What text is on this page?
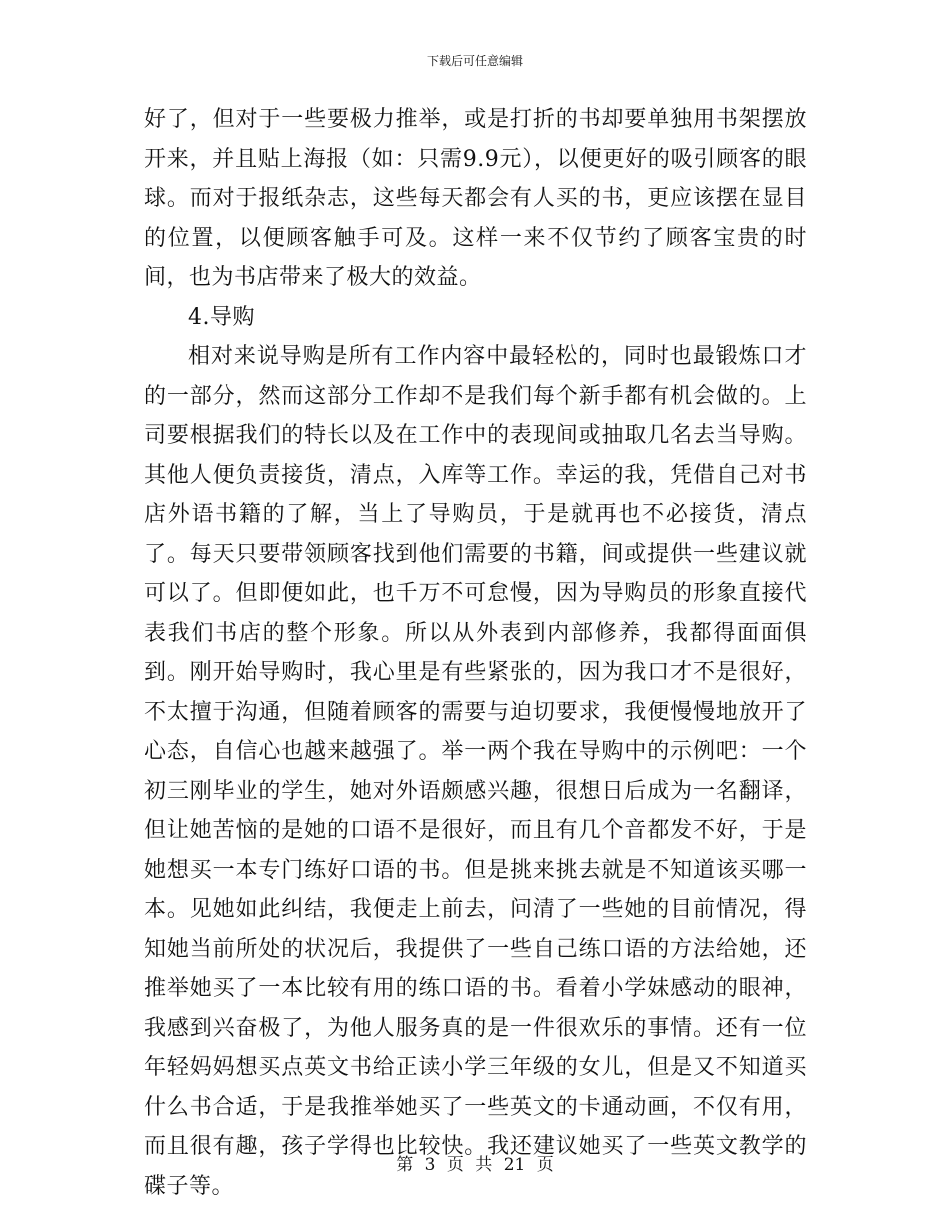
下载后可任意编辑

好了，但对于一些要极力推举，或是打折的书却要单独用书架摆放开来，并且贴上海报（如：只需9.9元），以便更好的吸引顾客的眼球。而对于报纸杂志，这些每天都会有人买的书，更应该摆在显目的位置，以便顾客触手可及。这样一来不仅节约了顾客宝贵的时间，也为书店带来了极大的效益。

4.导购

相对来说导购是所有工作内容中最轻松的，同时也最锻炼口才的一部分，然而这部分工作却不是我们每个新手都有机会做的。上司要根据我们的特长以及在工作中的表现间或抽取几名去当导购。其他人便负责接货，清点，入库等工作。幸运的我，凭借自己对书店外语书籍的了解，当上了导购员，于是就再也不必接货，清点了。每天只要带领顾客找到他们需要的书籍，间或提供一些建议就可以了。但即便如此，也千万不可怠慢，因为导购员的形象直接代表我们书店的整个形象。所以从外表到内部修养，我都得面面俱到。刚开始导购时，我心里是有些紧张的，因为我口才不是很好，不太擅于沟通，但随着顾客的需要与迫切要求，我便慢慢地放开了心态，自信心也越来越强了。举一两个我在导购中的示例吧：一个初三刚毕业的学生，她对外语颇感兴趣，很想日后成为一名翻译，但让她苦恼的是她的口语不是很好，而且有几个音都发不好，于是她想买一本专门练好口语的书。但是挑来挑去就是不知道该买哪一本。见她如此纠结，我便走上前去，问清了一些她的目前情况，得知她当前所处的状况后，我提供了一些自己练口语的方法给她，还推举她买了一本比较有用的练口语的书。看着小学妹感动的眼神，我感到兴奋极了，为他人服务真的是一件很欢乐的事情。还有一位年轻妈妈想买点英文书给正读小学三年级的女儿，但是又不知道买什么书合适，于是我推举她买了一些英文的卡通动画，不仅有用，而且很有趣，孩子学得也比较快。我还建议她买了一些英文教学的碟子等。

第 3 页 共 21 页
